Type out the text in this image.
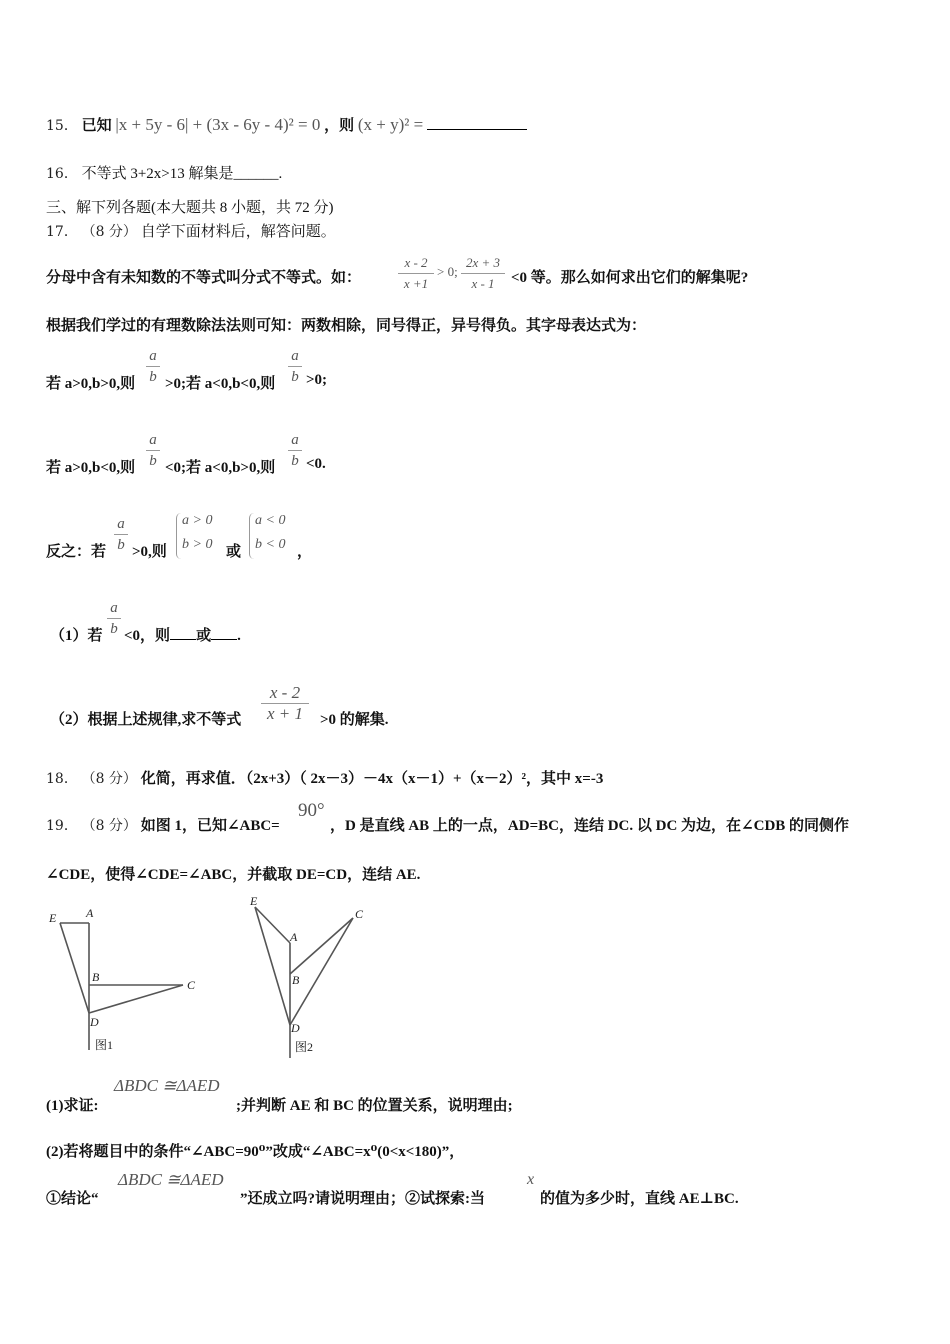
15． 已知 |x + 5y - 6| + (3x - 6y - 4)² = 0 ，则 (x + y)² =
16． 不等式 3+2x>13 解集是______.
三、解下列各题(本大题共 8 小题，共 72 分)
17． （8 分） 自学下面材料后，解答问题。
分母中含有未知数的不等式叫分式不等式。如：
x - 2
x +1
> 0;
2x + 3
x - 1	<0 等。那么如何求出它们的解集呢?
根据我们学过的有理数除法法则可知：两数相除，同号得正，异号得负。其字母表达式为：
若 a>0,b>0,则
a
b >0;若 a<0,b<0,则
a
b >0;
若 a>0,b<0,则
a
b <0;若 a<0,b>0,则
a
b <0.
反之：若
a
b >0,则
a > 0
b > 0 或
a < 0
b < 0 ，
（1）若
a
b <0，则 或 .
（2）根据上述规律,求不等式
x - 2
x + 1	>0 的解集.
18． （8 分） 化简，再求值．（2x+3）（ 2x－3）－4x（x－1）+（x－2）²，其中 x=-3
19． （8 分） 如图 1，已知∠ABC=
90°
，D 是直线 AB 上的一点，AD=BC，连结 DC. 以 DC 为边，在∠CDB 的同侧作
∠CDE，使得∠CDE=∠ABC，并截取 DE=CD，连结 AE.
E A
B
C
D
图1
E
A
B
C
D
图2
(1)求证:
ΔBDC ≅ΔAED
;并判断 AE 和 BC 的位置关系，说明理由;
(2)若将题目中的条件“∠ABC=90⁰”改成“∠ABC=x⁰(0<x<180)”，
①结论“
ΔBDC ≅ΔAED
”还成立吗?请说明理由；②试探索:当
x
的值为多少时，直线 AE⊥BC.
